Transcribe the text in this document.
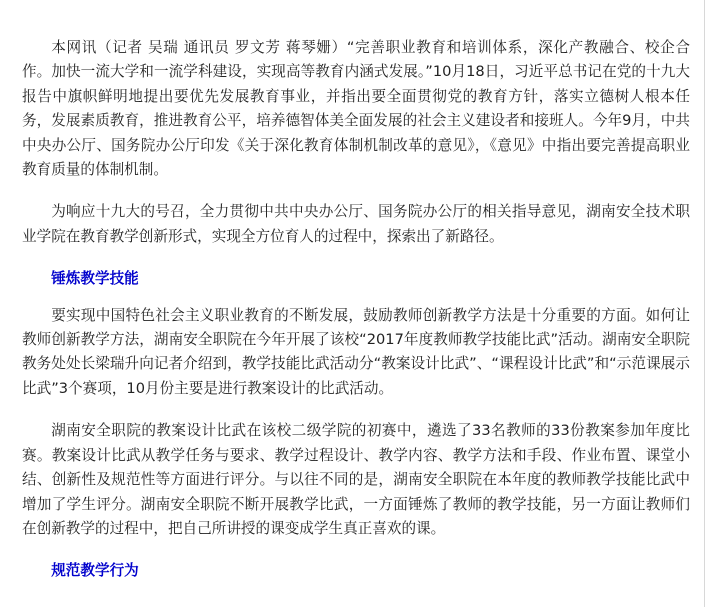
本网讯（记者 吴瑞 通讯员 罗文芳 蒋琴姗）“完善职业教育和培训体系，深化产教融合、校企合作。加快一流大学和一流学科建设，实现高等教育内涵式发展。”10月18日，习近平总书记在党的十九大报告中旗帜鲜明地提出要优先发展教育事业，并指出要全面贯彻党的教育方针，落实立德树人根本任务，发展素质教育，推进教育公平，培养德智体美全面发展的社会主义建设者和接班人。今年9月，中共中央办公厅、国务院办公厅印发《关于深化教育体制机制改革的意见》，《意见》中指出要完善提高职业教育质量的体制机制。

为响应十九大的号召，全力贯彻中共中央办公厅、国务院办公厅的相关指导意见，湖南安全技术职业学院在教育教学创新形式，实现全方位育人的过程中，探索出了新路径。

锤炼教学技能

要实现中国特色社会主义职业教育的不断发展，鼓励教师创新教学方法是十分重要的方面。如何让教师创新教学方法，湖南安全职院在今年开展了该校“2017年度教师教学技能比武”活动。湖南安全职院教务处处长梁瑞升向记者介绍到，教学技能比武活动分“教案设计比武”、“课程设计比武”和“示范课展示比武”3个赛项，10月份主要是进行教案设计的比武活动。

湖南安全职院的教案设计比武在该校二级学院的初赛中，遴选了33名教师的33份教案参加年度比赛。教案设计比武从教学任务与要求、教学过程设计、教学内容、教学方法和手段、作业布置、课堂小结、创新性及规范性等方面进行评分。与以往不同的是，湖南安全职院在本年度的教师教学技能比武中增加了学生评分。湖南安全职院不断开展教学比武，一方面锤炼了教师的教学技能，另一方面让教师们在创新教学的过程中，把自己所讲授的课变成学生真正喜欢的课。

规范教学行为
